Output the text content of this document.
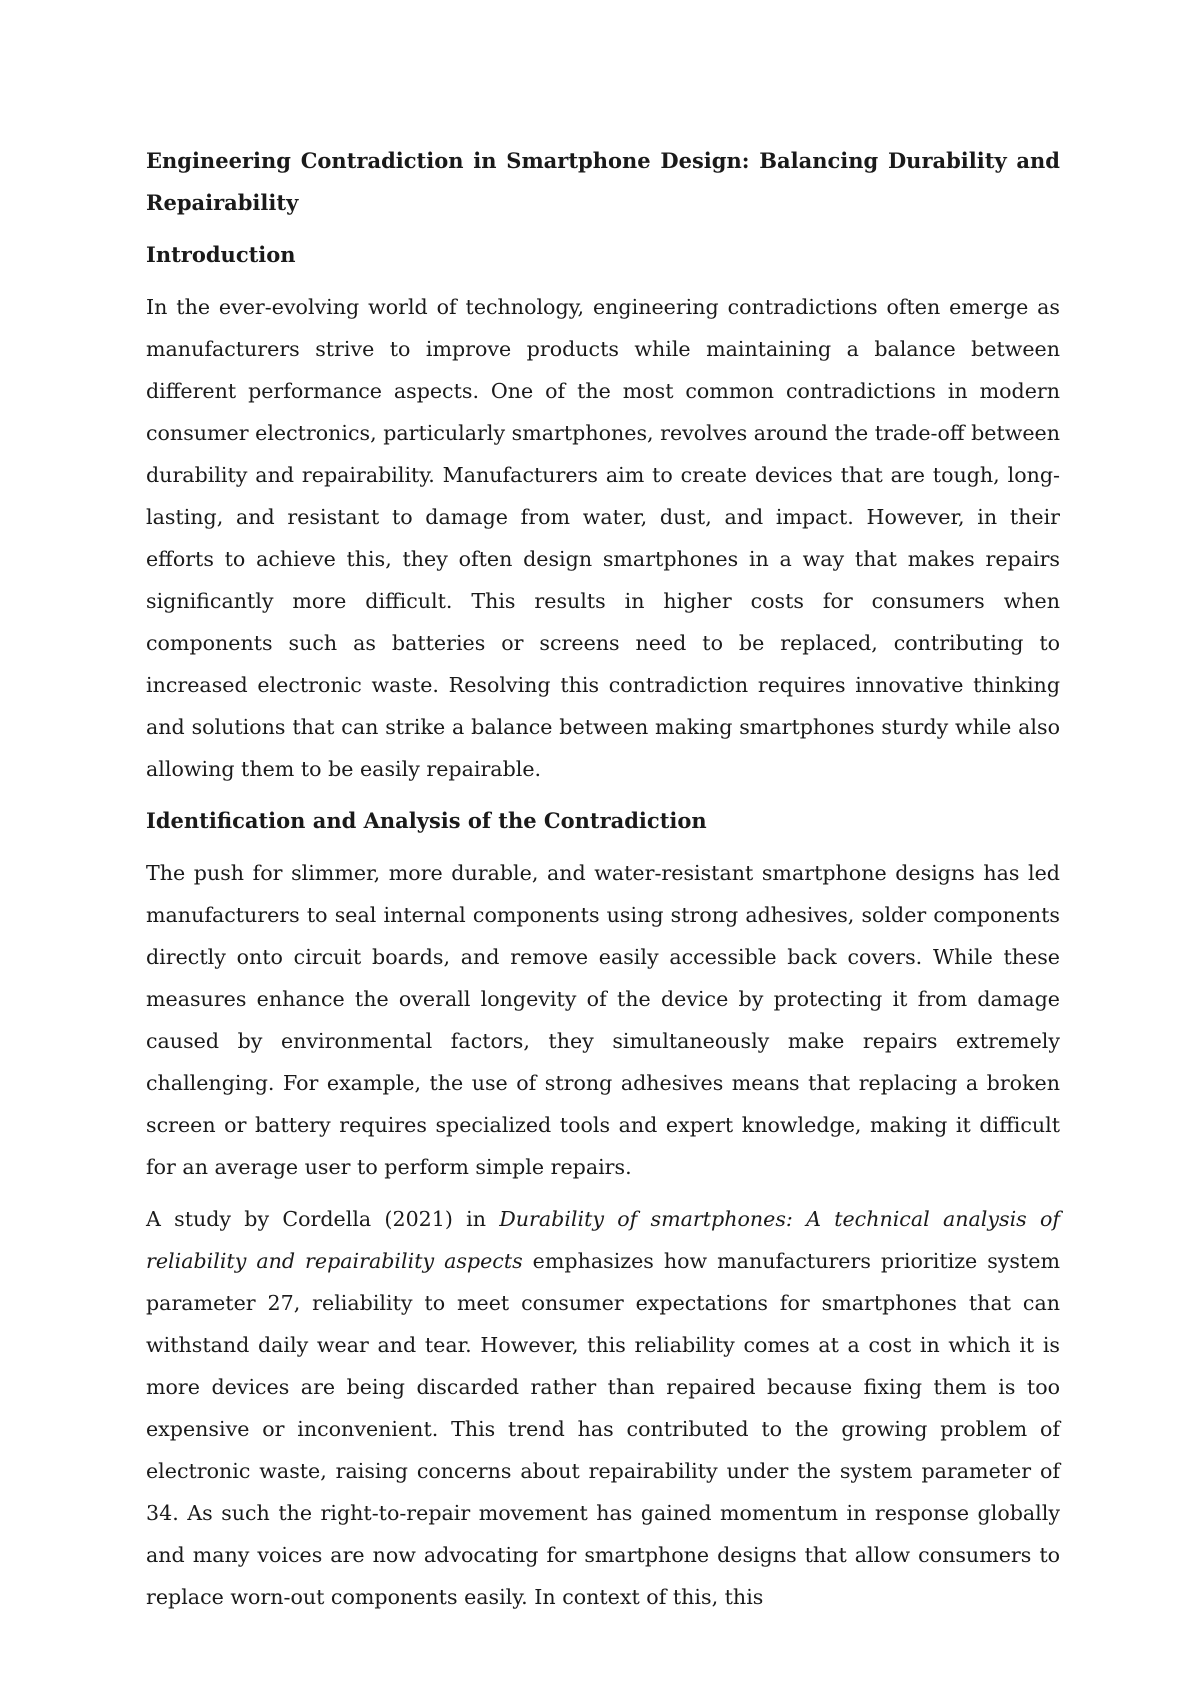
Engineering Contradiction in Smartphone Design: Balancing Durability and Repairability
Introduction
In the ever-evolving world of technology, engineering contradictions often emerge as manufacturers strive to improve products while maintaining a balance between different performance aspects. One of the most common contradictions in modern consumer electronics, particularly smartphones, revolves around the trade-off between durability and repairability. Manufacturers aim to create devices that are tough, long-lasting, and resistant to damage from water, dust, and impact. However, in their efforts to achieve this, they often design smartphones in a way that makes repairs significantly more difficult. This results in higher costs for consumers when components such as batteries or screens need to be replaced, contributing to increased electronic waste. Resolving this contradiction requires innovative thinking and solutions that can strike a balance between making smartphones sturdy while also allowing them to be easily repairable.
Identification and Analysis of the Contradiction
The push for slimmer, more durable, and water-resistant smartphone designs has led manufacturers to seal internal components using strong adhesives, solder components directly onto circuit boards, and remove easily accessible back covers. While these measures enhance the overall longevity of the device by protecting it from damage caused by environmental factors, they simultaneously make repairs extremely challenging. For example, the use of strong adhesives means that replacing a broken screen or battery requires specialized tools and expert knowledge, making it difficult for an average user to perform simple repairs.
A study by Cordella (2021) in Durability of smartphones: A technical analysis of reliability and repairability aspects emphasizes how manufacturers prioritize system parameter 27, reliability to meet consumer expectations for smartphones that can withstand daily wear and tear. However, this reliability comes at a cost in which it is more devices are being discarded rather than repaired because fixing them is too expensive or inconvenient. This trend has contributed to the growing problem of electronic waste, raising concerns about repairability under the system parameter of 34. As such the right-to-repair movement has gained momentum in response globally and many voices are now advocating for smartphone designs that allow consumers to replace worn-out components easily. In context of this, this
